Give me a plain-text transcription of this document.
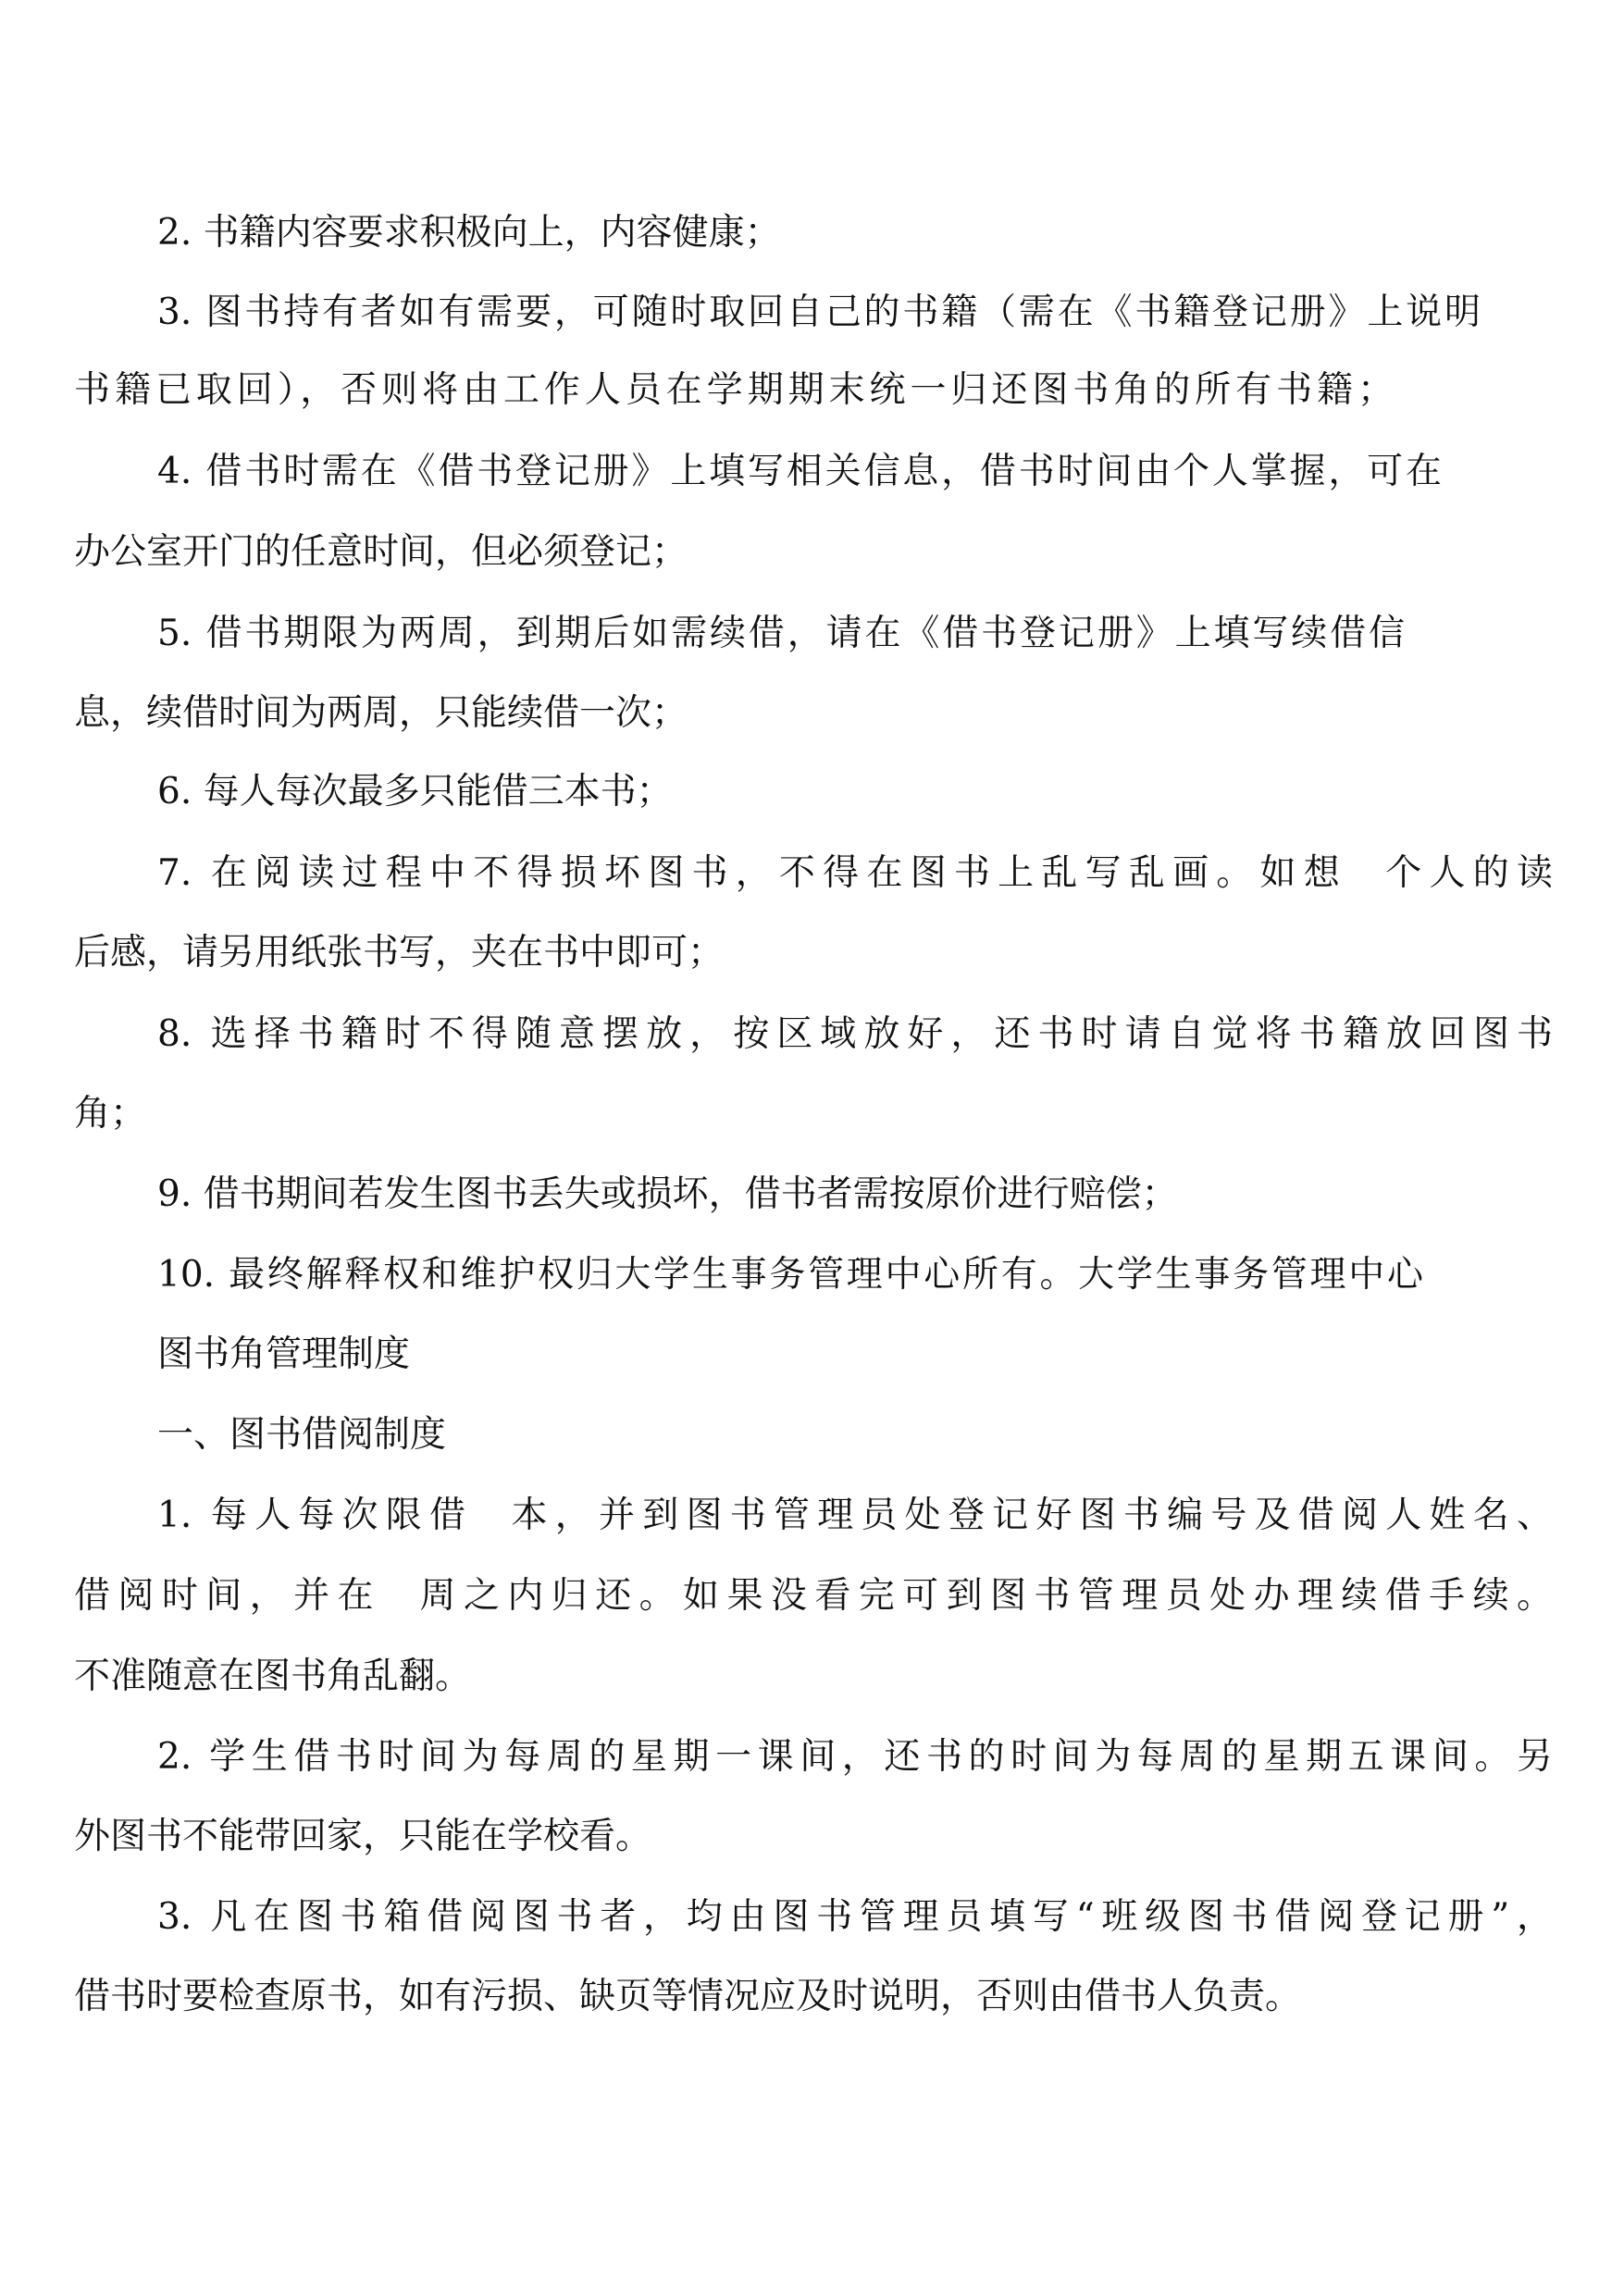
2. 书籍内容要求积极向上，内容健康；
3. 图书持有者如有需要，可随时取回自己的书籍（需在《书籍登记册》上说明
书籍已取回），否则将由工作人员在学期期末统一归还图书角的所有书籍；
4. 借书时需在《借书登记册》上填写相关信息，借书时间由个人掌握，可在
办公室开门的任意时间，但必须登记；
5. 借书期限为两周，到期后如需续借，请在《借书登记册》上填写续借信
息，续借时间为两周，只能续借一次；
6. 每人每次最多只能借三本书；
7. 在阅读过程中不得损坏图书，不得在图书上乱写乱画。如想  个人的读
后感，请另用纸张书写，夹在书中即可；
8. 选择书籍时不得随意摆放，按区域放好，还书时请自觉将书籍放回图书
角；
9. 借书期间若发生图书丢失或损坏，借书者需按原价进行赔偿；
10. 最终解释权和维护权归大学生事务管理中心所有。大学生事务管理中心
图书角管理制度
一、图书借阅制度
1. 每人每次限借  本，并到图书管理员处登记好图书编号及借阅人姓名、
借阅时间，并在  周之内归还。如果没看完可到图书管理员处办理续借手续。
不准随意在图书角乱翻。
2. 学生借书时间为每周的星期一课间，还书的时间为每周的星期五课间。另
外图书不能带回家，只能在学校看。
3. 凡在图书箱借阅图书者，均由图书管理员填写“班级图书借阅登记册”，
借书时要检查原书，如有污损、缺页等情况应及时说明，否则由借书人负责。
